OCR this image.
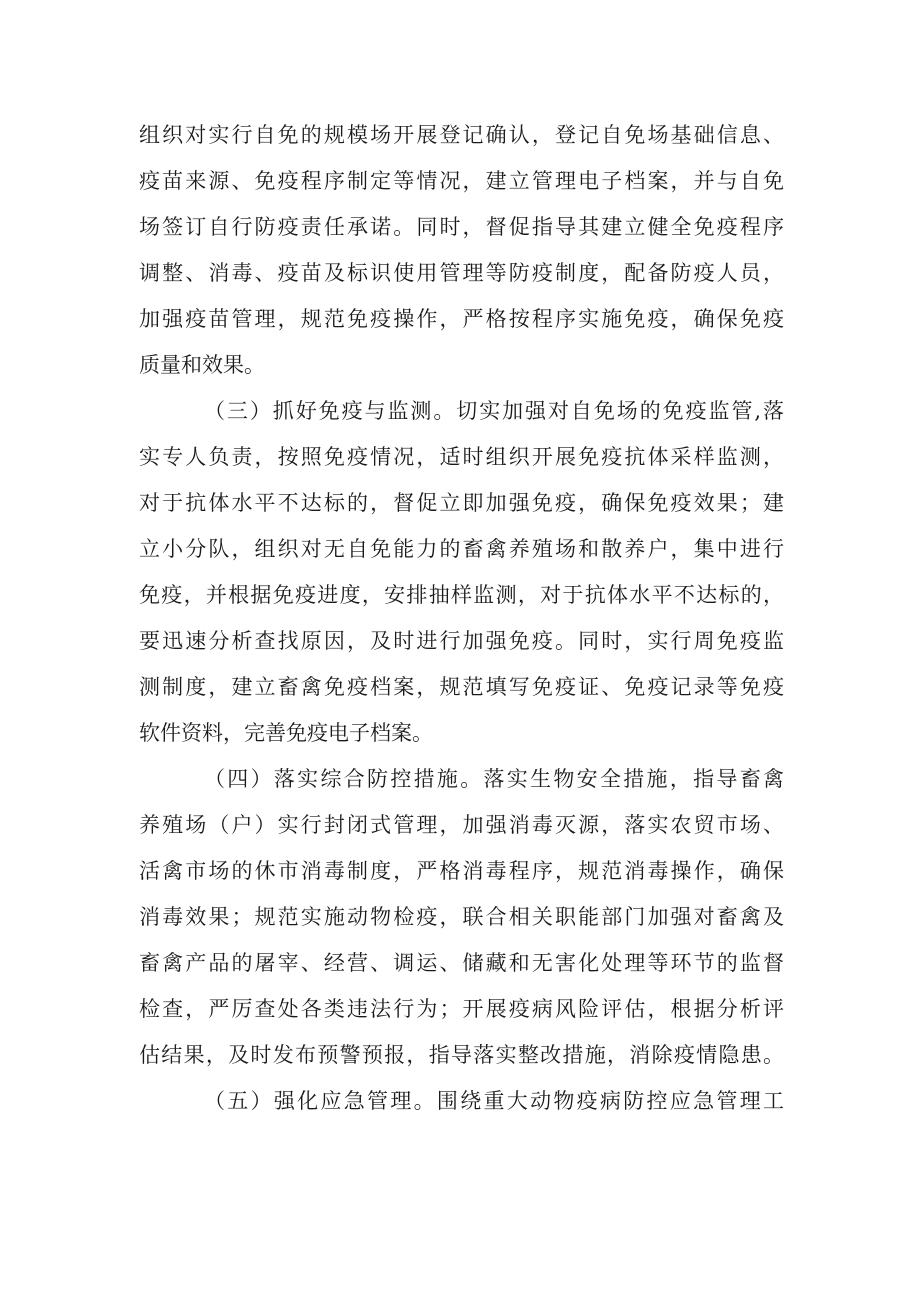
组织对实行自免的规模场开展登记确认，登记自免场基础信息、
疫苗来源、免疫程序制定等情况，建立管理电子档案，并与自免
场签订自行防疫责任承诺。同时，督促指导其建立健全免疫程序
调整、消毒、疫苗及标识使用管理等防疫制度，配备防疫人员，
加强疫苗管理，规范免疫操作，严格按程序实施免疫，确保免疫
质量和效果。
（三）抓好免疫与监测。切实加强对自免场的免疫监管,落
实专人负责，按照免疫情况，适时组织开展免疫抗体采样监测，
对于抗体水平不达标的，督促立即加强免疫，确保免疫效果；建
立小分队，组织对无自免能力的畜禽养殖场和散养户，集中进行
免疫，并根据免疫进度，安排抽样监测，对于抗体水平不达标的，
要迅速分析查找原因，及时进行加强免疫。同时，实行周免疫监
测制度，建立畜禽免疫档案，规范填写免疫证、免疫记录等免疫
软件资料，完善免疫电子档案。
（四）落实综合防控措施。落实生物安全措施，指导畜禽
养殖场（户）实行封闭式管理，加强消毒灭源，落实农贸市场、
活禽市场的休市消毒制度，严格消毒程序，规范消毒操作，确保
消毒效果；规范实施动物检疫，联合相关职能部门加强对畜禽及
畜禽产品的屠宰、经营、调运、储藏和无害化处理等环节的监督
检查，严厉查处各类违法行为；开展疫病风险评估，根据分析评
估结果，及时发布预警预报，指导落实整改措施，消除疫情隐患。
（五）强化应急管理。围绕重大动物疫病防控应急管理工
